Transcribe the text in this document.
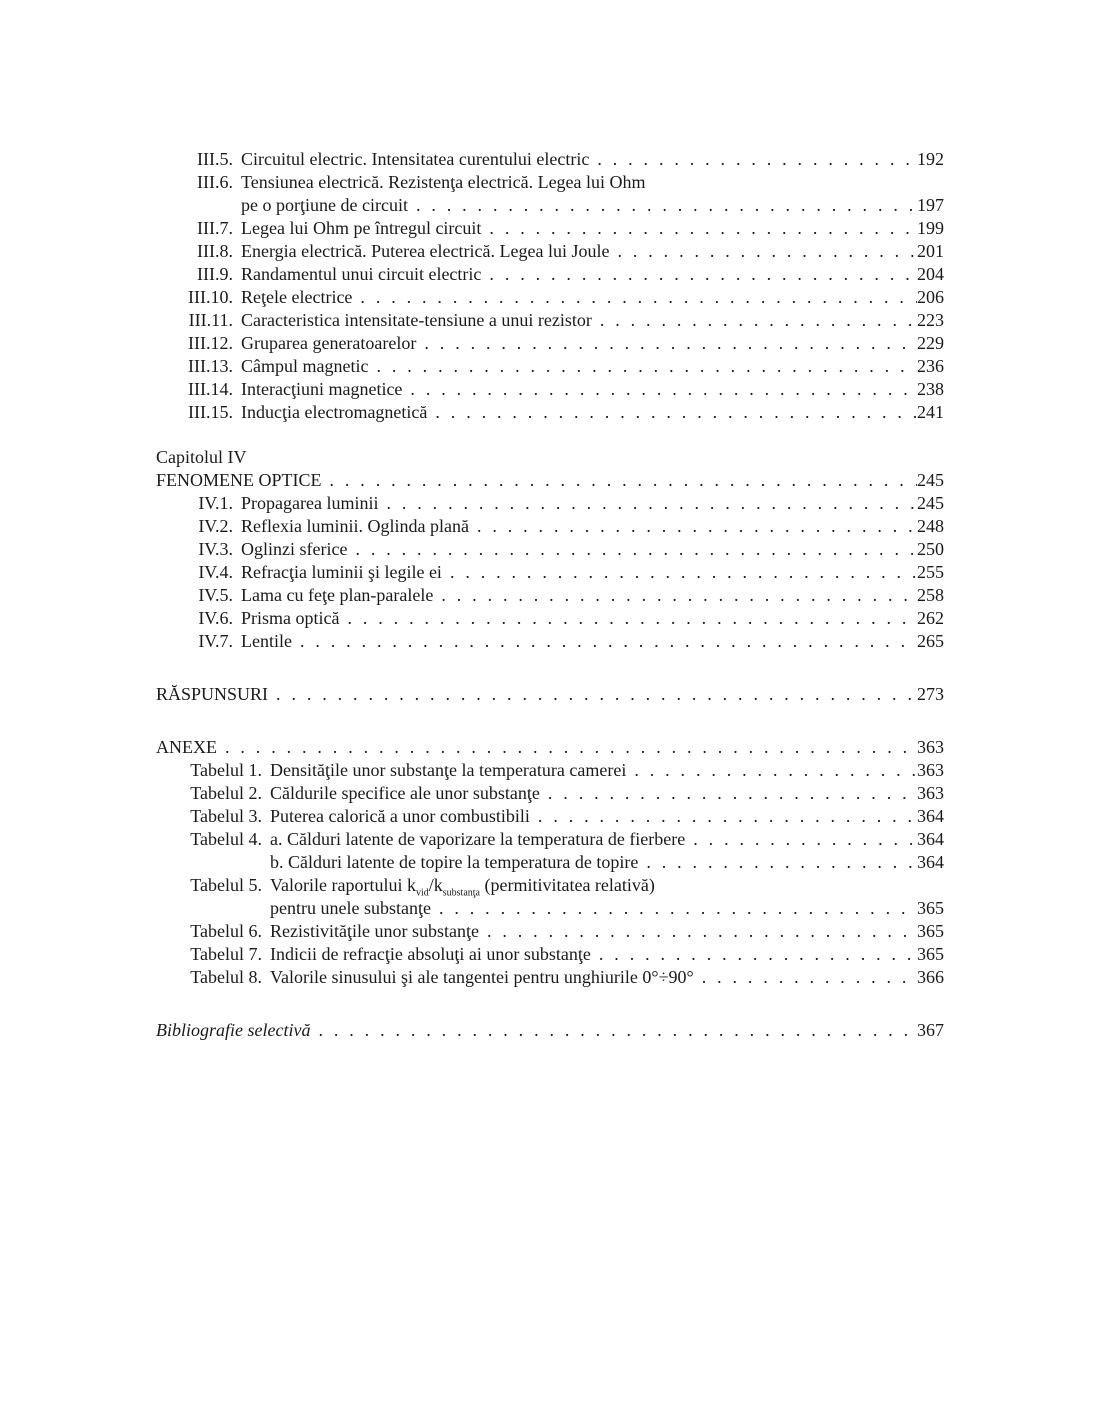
III.5. Circuitul electric. Intensitatea curentului electric . . .	192
III.6. Tensiunea electrică. Rezistenţa electrică. Legea lui Ohm
pe o porţiune de circuit . . .	197
III.7. Legea lui Ohm pe întregul circuit . . .	199
III.8. Energia electrică. Puterea electrică. Legea lui Joule . . .	201
III.9. Randamentul unui circuit electric . . .	204
III.10. Reţele electrice . . .	206
III.11. Caracteristica intensitate-tensiune a unui rezistor . . .	223
III.12. Gruparea generatoarelor . . .	229
III.13. Câmpul magnetic . . .	236
III.14. Interacţiuni magnetice . . .	238
III.15. Inducţia electromagnetică . . .	241
Capitolul IV
FENOMENE OPTICE . . .	245
IV.1. Propagarea luminii . . .	245
IV.2. Reflexia luminii. Oglinda plană . . .	248
IV.3. Oglinzi sferice . . .	250
IV.4. Refracţia luminii şi legile ei . . .	255
IV.5. Lama cu feţe plan-paralele . . .	258
IV.6. Prisma optică . . .	262
IV.7. Lentile . . .	265
RĂSPUNSURI . . .	273
ANEXE . . .	363
Tabelul 1. Densităţile unor substanţe la temperatura camerei . . .	363
Tabelul 2. Căldurile specifice ale unor substanţe . . .	363
Tabelul 3. Puterea calorică a unor combustibili . . .	364
Tabelul 4. a. Călduri latente de vaporizare la temperatura de fierbere . . .	364
b. Călduri latente de topire la temperatura de topire . . .	364
Tabelul 5. Valorile raportului $k_{vid}/k_{substanţa}$ (permitivitatea relativă)
pentru unele substanţe . . .	365
Tabelul 6. Rezistivităţile unor substanţe . . .	365
Tabelul 7. Indicii de refracţie absoluţi ai unor substanţe . . .	365
Tabelul 8. Valorile sinusului şi ale tangentei pentru unghiurile 0°÷90° . . .	366
Bibliografie selectivă . . .	367
